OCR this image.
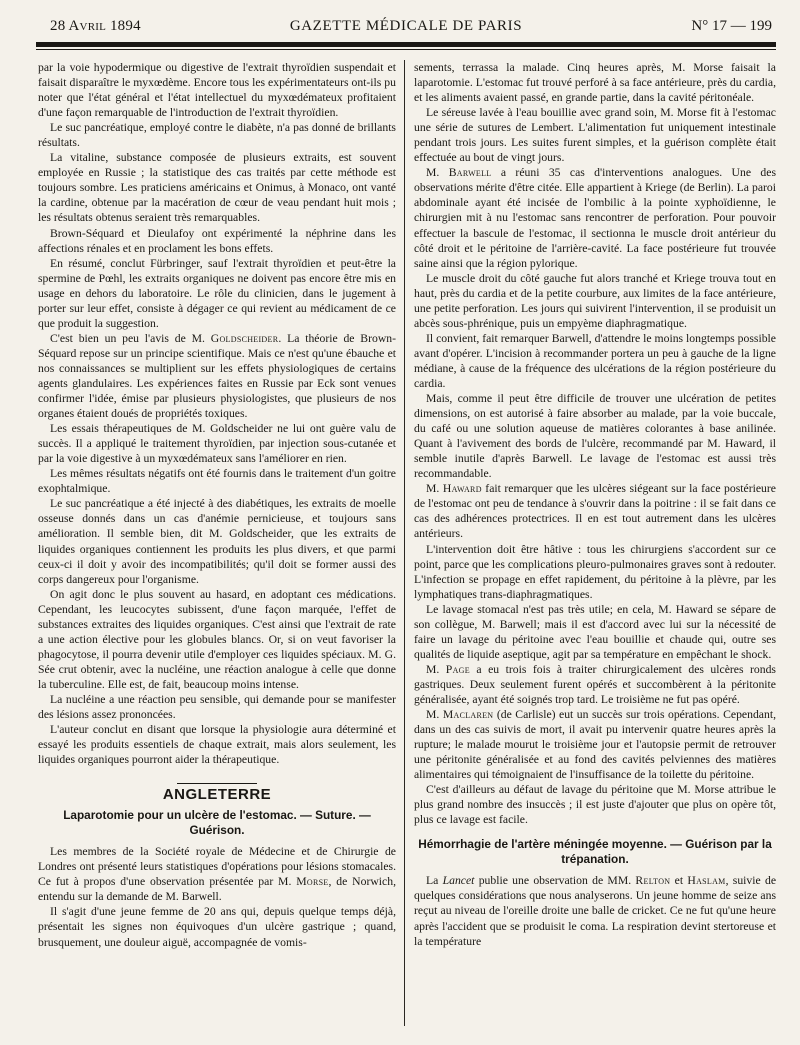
28 Avril 1894	GAZETTE MÉDICALE DE PARIS	N° 17 — 199

par la voie hypodermique ou digestive de l'extrait thyroïdien suspendait et faisait disparaître le myxœdème. Encore tous les expérimentateurs ont-ils pu noter que l'état général et l'état intellectuel du myxœdémateux profitaient d'une façon remarquable de l'introduction de l'extrait thyroïdien.

Le suc pancréatique, employé contre le diabète, n'a pas donné de brillants résultats.

La vitaline, substance composée de plusieurs extraits, est souvent employée en Russie ; la statistique des cas traités par cette méthode est toujours sombre. Les praticiens américains et Onimus, à Monaco, ont vanté la cardine, obtenue par la macération de cœur de veau pendant huit mois ; les résultats obtenus seraient très remarquables.

Brown-Séquard et Dieulafoy ont expérimenté la néphrine dans les affections rénales et en proclament les bons effets.

En résumé, conclut Fürbringer, sauf l'extrait thyroïdien et peut-être la spermine de Pœhl, les extraits organiques ne doivent pas encore être mis en usage en dehors du laboratoire. Le rôle du clinicien, dans le jugement à porter sur leur effet, consiste à dégager ce qui revient au médicament de ce que produit la suggestion.

C'est bien un peu l'avis de M. Goldscheider. La théorie de Brown-Séquard repose sur un principe scientifique. Mais ce n'est qu'une ébauche et nos connaissances se multiplient sur les effets physiologiques de certains agents glandulaires. Les expériences faites en Russie par Eck sont venues confirmer l'idée, émise par plusieurs physiologistes, que plusieurs de nos organes étaient doués de propriétés toxiques.

Les essais thérapeutiques de M. Goldscheider ne lui ont guère valu de succès. Il a appliqué le traitement thyroïdien, par injection sous-cutanée et par la voie digestive à un myxœdémateux sans l'améliorer en rien.

Les mêmes résultats négatifs ont été fournis dans le traitement d'un goitre exophtalmique.

Le suc pancréatique a été injecté à des diabétiques, les extraits de moelle osseuse donnés dans un cas d'anémie pernicieuse, et toujours sans amélioration. Il semble bien, dit M. Goldscheider, que les extraits de liquides organiques contiennent les produits les plus divers, et que parmi ceux-ci il doit y avoir des incompatibilités; qu'il doit se former aussi des corps dangereux pour l'organisme.

On agit donc le plus souvent au hasard, en adoptant ces médications. Cependant, les leucocytes subissent, d'une façon marquée, l'effet de substances extraites des liquides organiques. C'est ainsi que l'extrait de rate a une action élective pour les globules blancs. Or, si on veut favoriser la phagocytose, il pourra devenir utile d'employer ces liquides spéciaux. M. G. Sée crut obtenir, avec la nucléine, une réaction analogue à celle que donne la tuberculine. Elle est, de fait, beaucoup moins intense.

La nucléine a une réaction peu sensible, qui demande pour se manifester des lésions assez prononcées.

L'auteur conclut en disant que lorsque la physiologie aura déterminé et essayé les produits essentiels de chaque extrait, mais alors seulement, les liquides organiques pourront aider la thérapeutique.

ANGLETERRE
Laparotomie pour un ulcère de l'estomac. — Suture. — Guérison.

Les membres de la Société royale de Médecine et de Chirurgie de Londres ont présenté leurs statistiques d'opérations pour lésions stomacales. Ce fut à propos d'une observation présentée par M. Morse, de Norwich, entendu sur la demande de M. Barwell.

Il s'agit d'une jeune femme de 20 ans qui, depuis quelque temps déjà, présentait les signes non équivoques d'un ulcère gastrique ; quand, brusquement, une douleur aiguë, accompagnée de vomis-

sements, terrassa la malade. Cinq heures après, M. Morse faisait la laparotomie. L'estomac fut trouvé perforé à sa face antérieure, près du cardia, et les aliments avaient passé, en grande partie, dans la cavité péritonéale.

Le séreuse lavée à l'eau bouillie avec grand soin, M. Morse fit à l'estomac une série de sutures de Lembert. L'alimentation fut uniquement intestinale pendant trois jours. Les suites furent simples, et la guérison complète était effectuée au bout de vingt jours.

M. Barwell a réuni 35 cas d'interventions analogues. Une des observations mérite d'être citée. Elle appartient à Kriege (de Berlin). La paroi abdominale ayant été incisée de l'ombilic à la pointe xyphoïdienne, le chirurgien mit à nu l'estomac sans rencontrer de perforation. Pour pouvoir effectuer la bascule de l'estomac, il sectionna le muscle droit antérieur du côté droit et le péritoine de l'arrière-cavité. La face postérieure fut trouvée saine ainsi que la région pylorique.

Le muscle droit du côté gauche fut alors tranché et Kriege trouva tout en haut, près du cardia et de la petite courbure, aux limites de la face antérieure, une petite perforation. Les jours qui suivirent l'intervention, il se produisit un abcès sous-phrénique, puis un empyème diaphragmatique.

Il convient, fait remarquer Barwell, d'attendre le moins longtemps possible avant d'opérer. L'incision à recommander portera un peu à gauche de la ligne médiane, à cause de la fréquence des ulcérations de la région postérieure du cardia.

Mais, comme il peut être difficile de trouver une ulcération de petites dimensions, on est autorisé à faire absorber au malade, par la voie buccale, du café ou une solution aqueuse de matières colorantes à base anilinée. Quant à l'avivement des bords de l'ulcère, recommandé par M. Haward, il semble inutile d'après Barwell. Le lavage de l'estomac est aussi très recommandable.

M. Haward fait remarquer que les ulcères siégeant sur la face postérieure de l'estomac ont peu de tendance à s'ouvrir dans la poitrine : il se fait dans ce cas des adhérences protectrices. Il en est tout autrement dans les ulcères antérieurs.

L'intervention doit être hâtive : tous les chirurgiens s'accordent sur ce point, parce que les complications pleuro-pulmonaires graves sont à redouter. L'infection se propage en effet rapidement, du péritoine à la plèvre, par les lymphatiques trans-diaphragmatiques.

Le lavage stomacal n'est pas très utile; en cela, M. Haward se sépare de son collègue, M. Barwell; mais il est d'accord avec lui sur la nécessité de faire un lavage du péritoine avec l'eau bouillie et chaude qui, outre ses qualités de liquide aseptique, agit par sa température en empêchant le shock.

M. Page a eu trois fois à traiter chirurgicalement des ulcères ronds gastriques. Deux seulement furent opérés et succombèrent à la péritonite généralisée, ayant été soignés trop tard. Le troisième ne fut pas opéré.

M. Maclaren (de Carlisle) eut un succès sur trois opérations. Cependant, dans un des cas suivis de mort, il avait pu intervenir quatre heures après la rupture; le malade mourut le troisième jour et l'autopsie permit de retrouver une péritonite généralisée et au fond des cavités pelviennes des matières alimentaires qui témoignaient de l'insuffisance de la toilette du péritoine.

C'est d'ailleurs au défaut de lavage du péritoine que M. Morse attribue le plus grand nombre des insuccès ; il est juste d'ajouter que plus on opère tôt, plus ce lavage est facile.

Hémorrhagie de l'artère méningée moyenne. — Guérison par la trépanation.

La Lancet publie une observation de MM. Relton et Haslam, suivie de quelques considérations que nous analyserons. Un jeune homme de seize ans reçut au niveau de l'oreille droite une balle de cricket. Ce ne fut qu'une heure après l'accident que se produisit le coma. La respiration devint stertoreuse et la température
